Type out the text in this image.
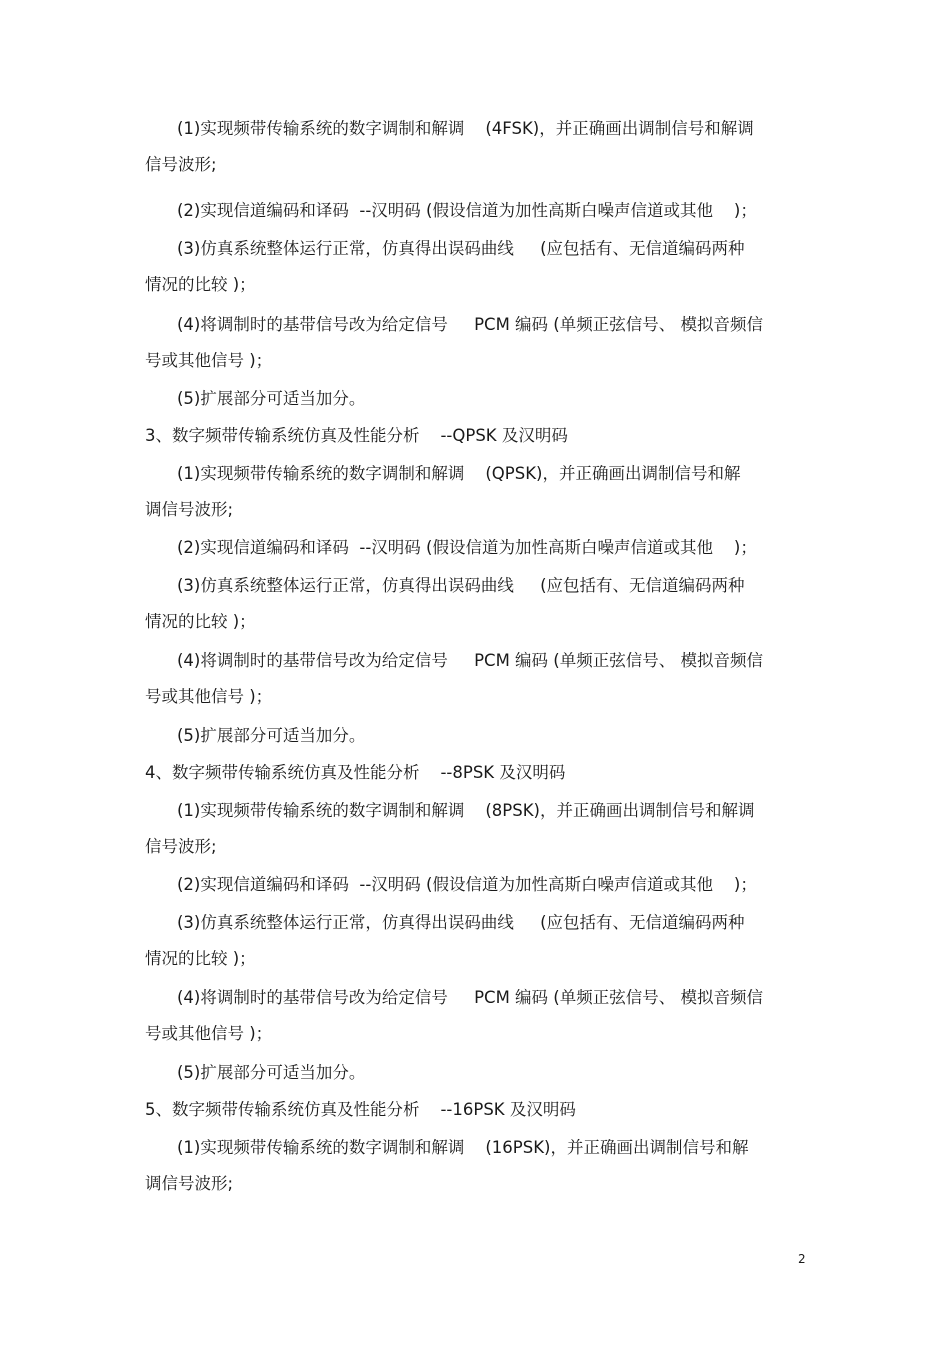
(1)实现频带传输系统的数字调制和解调    (4FSK)，并正确画出调制信号和解调
信号波形;
(2)实现信道编码和译码  --汉明码 (假设信道为加性高斯白噪声信道或其他    )；
(3)仿真系统整体运行正常，仿真得出误码曲线     (应包括有、无信道编码两种
情况的比较 )；
(4)将调制时的基带信号改为给定信号     PCM 编码 (单频正弦信号、 模拟音频信
号或其他信号 )；
(5)扩展部分可适当加分。
3、数字频带传输系统仿真及性能分析    --QPSK 及汉明码
(1)实现频带传输系统的数字调制和解调    (QPSK)，并正确画出调制信号和解
调信号波形;
(2)实现信道编码和译码  --汉明码 (假设信道为加性高斯白噪声信道或其他    )；
(3)仿真系统整体运行正常，仿真得出误码曲线     (应包括有、无信道编码两种
情况的比较 )；
(4)将调制时的基带信号改为给定信号     PCM 编码 (单频正弦信号、 模拟音频信
号或其他信号 )；
(5)扩展部分可适当加分。
4、数字频带传输系统仿真及性能分析    --8PSK 及汉明码
(1)实现频带传输系统的数字调制和解调    (8PSK)，并正确画出调制信号和解调
信号波形;
(2)实现信道编码和译码  --汉明码 (假设信道为加性高斯白噪声信道或其他    )；
(3)仿真系统整体运行正常，仿真得出误码曲线     (应包括有、无信道编码两种
情况的比较 )；
(4)将调制时的基带信号改为给定信号     PCM 编码 (单频正弦信号、 模拟音频信
号或其他信号 )；
(5)扩展部分可适当加分。
5、数字频带传输系统仿真及性能分析    --16PSK 及汉明码
(1)实现频带传输系统的数字调制和解调    (16PSK)，并正确画出调制信号和解
调信号波形;
2
